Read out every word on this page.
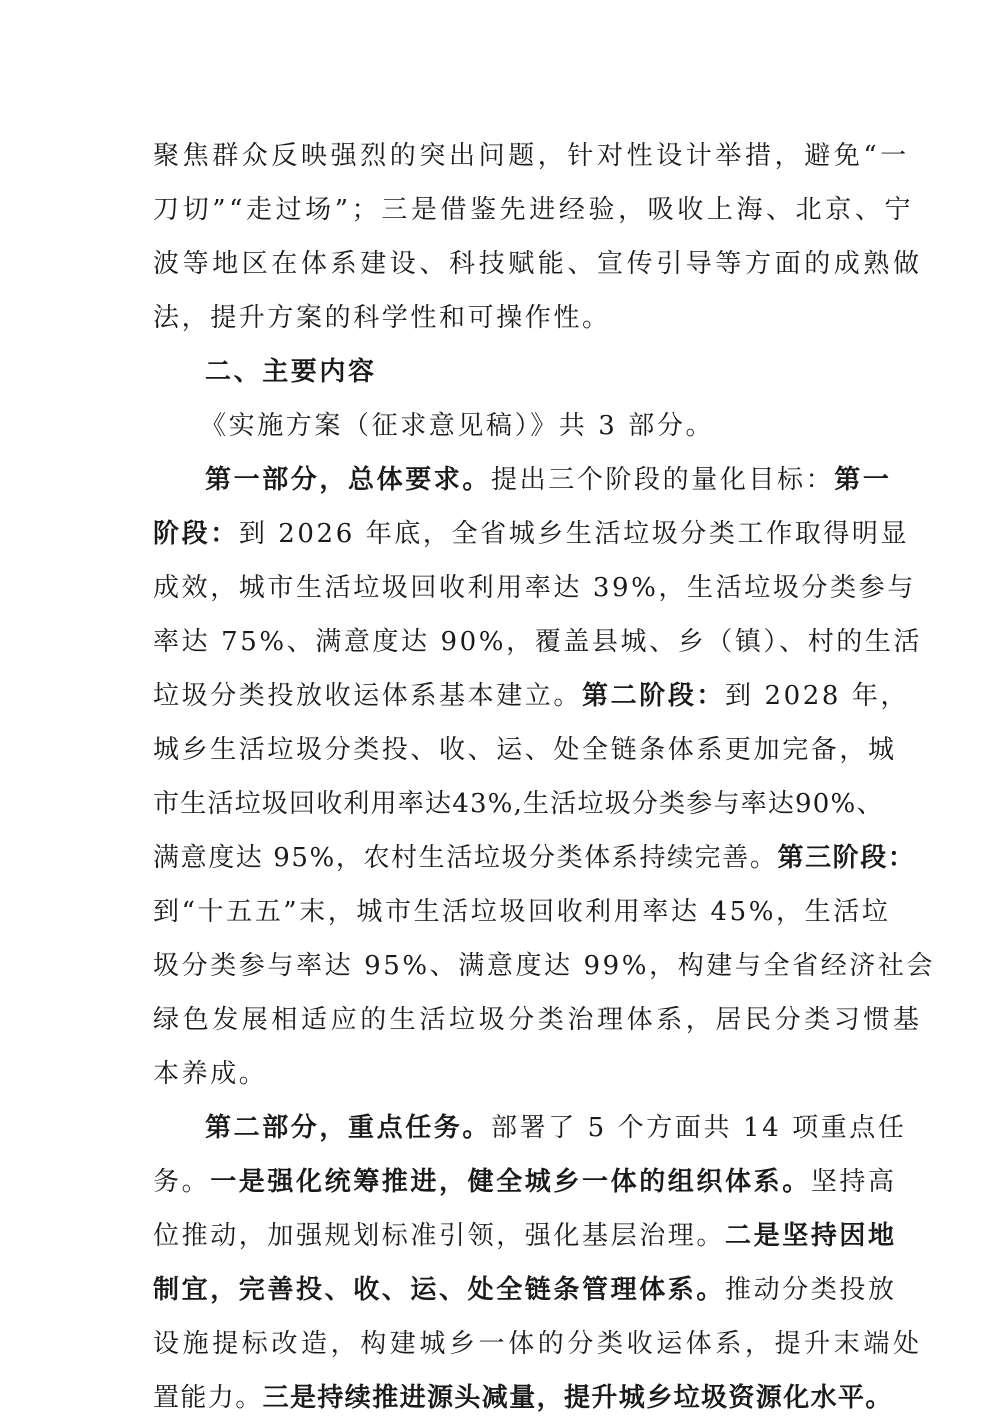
聚焦群众反映强烈的突出问题，针对性设计举措，避免“一
刀切”“走过场”；三是借鉴先进经验，吸收上海、北京、宁
波等地区在体系建设、科技赋能、宣传引导等方面的成熟做
法，提升方案的科学性和可操作性。
二、主要内容
《实施方案（征求意见稿）》共 3 部分。
第一部分，总体要求。提出三个阶段的量化目标：第一
阶段：到 2026 年底，全省城乡生活垃圾分类工作取得明显
成效，城市生活垃圾回收利用率达 39%，生活垃圾分类参与
率达 75%、满意度达 90%，覆盖县城、乡（镇）、村的生活
垃圾分类投放收运体系基本建立。第二阶段：到 2028 年，
城乡生活垃圾分类投、收、运、处全链条体系更加完备，城
市生活垃圾回收利用率达43%,生活垃圾分类参与率达90%、
满意度达 95%，农村生活垃圾分类体系持续完善。第三阶段：
到“十五五”末，城市生活垃圾回收利用率达 45%，生活垃
圾分类参与率达 95%、满意度达 99%，构建与全省经济社会
绿色发展相适应的生活垃圾分类治理体系，居民分类习惯基
本养成。
第二部分，重点任务。部署了 5 个方面共 14 项重点任
务。一是强化统筹推进，健全城乡一体的组织体系。坚持高
位推动，加强规划标准引领，强化基层治理。二是坚持因地
制宜，完善投、收、运、处全链条管理体系。推动分类投放
设施提标改造，构建城乡一体的分类收运体系，提升末端处
置能力。三是持续推进源头减量，提升城乡垃圾资源化水平。
